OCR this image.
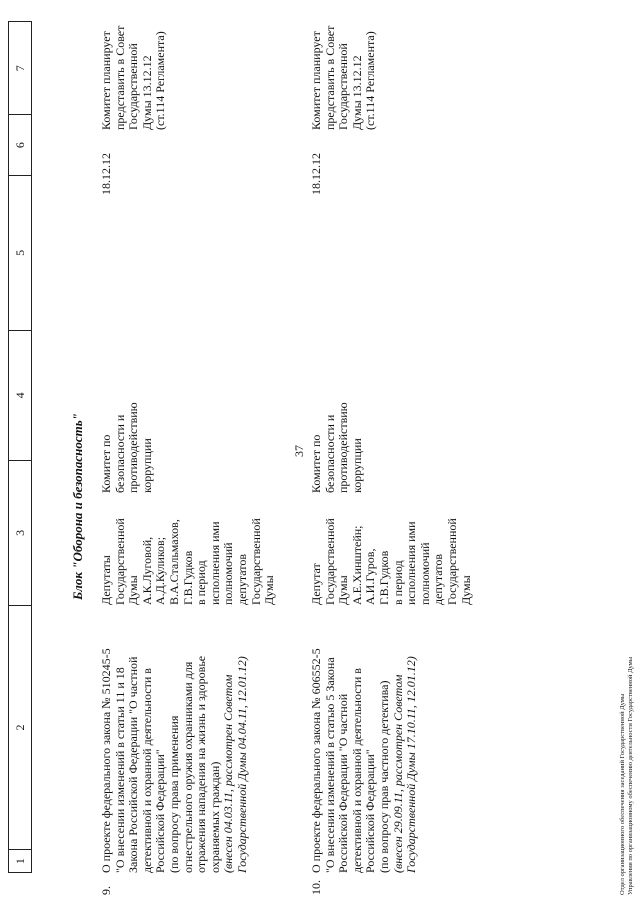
37
1
2
3
4
5
6
7
Блок "Оборона и безопасность"
9.
О проекте федерального закона № 510245-5 "О внесении изменений в статьи 11 и 18 Закона Российской Федерации "О частной детективной и охранной деятельности в Российской Федерации" (по вопросу права применения огнестрельного оружия охранниками для отражения нападения на жизнь и здоровье охраняемых граждан) (внесен 04.03.11, рассмотрен Советом Государственной Думы 04.04.11, 12.01.12)
Депутаты Государственной Думы А.К.Луговой, А.Д.Куликов; В.А.Стальмахов, Г.В.Гудков в период исполнения ими полномочий депутатов Государственной Думы
Комитет по безопасности и противодействию коррупции
18.12.12
Комитет планирует представить в Совет Государственной Думы 13.12.12 (ст.114 Регламента)
10.
О проекте федерального закона № 606552-5 "О внесении изменений в статью 5 Закона Российской Федерации "О частной детективной и охранной деятельности в Российской Федерации" (по вопросу прав частного детектива) (внесен 29.09.11, рассмотрен Советом Государственной Думы 17.10.11, 12.01.12)
Депутат Государственной Думы А.Е.Хинштейн; А.И.Гуров, Г.В.Гудков в период исполнения ими полномочий депутатов Государственной Думы
Комитет по безопасности и противодействию коррупции
18.12.12
Комитет планирует представить в Совет Государственной Думы 13.12.12 (ст.114 Регламента)
Отдел организационного обеспечения заседаний Государственной Думы Управления по организационному обеспечению деятельности Государственной Думы
